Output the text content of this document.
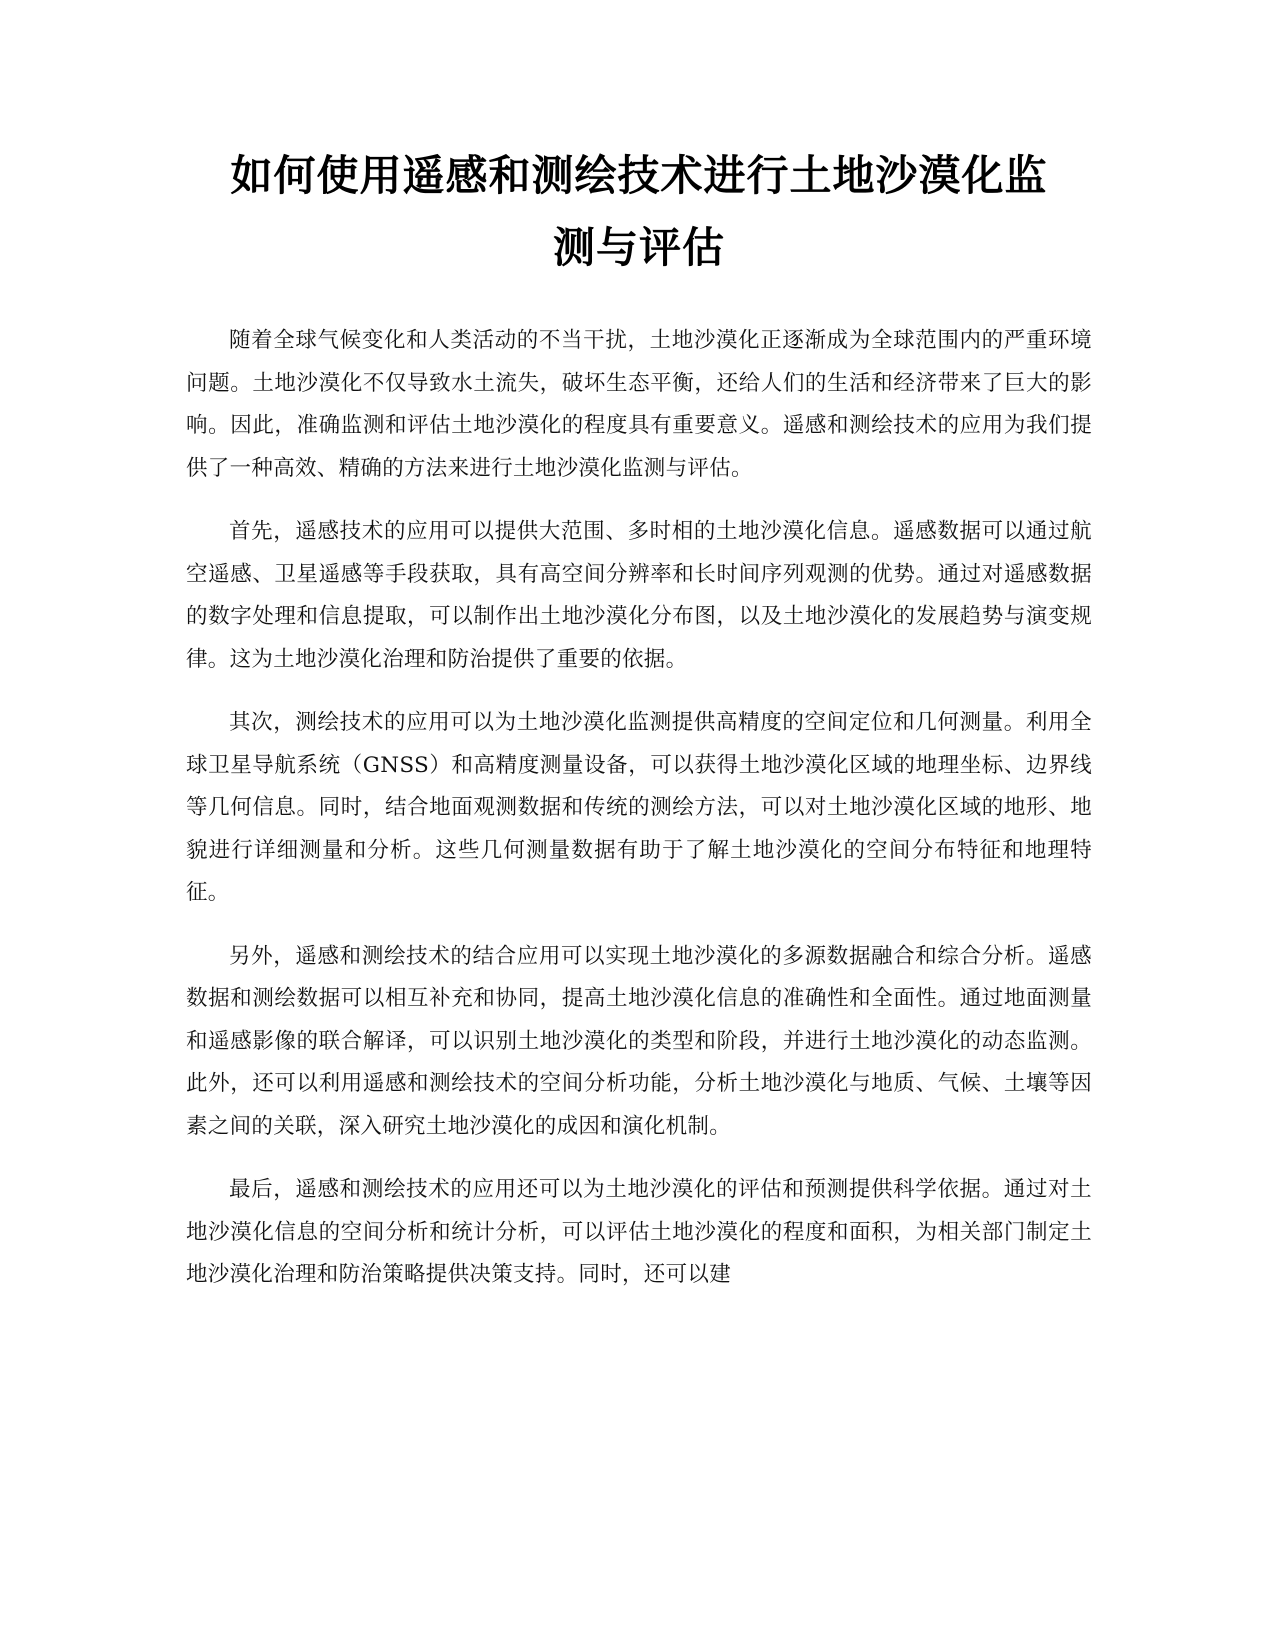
如何使用遥感和测绘技术进行土地沙漠化监
测与评估

随着全球气候变化和人类活动的不当干扰，土地沙漠化正逐渐成为全球范围内的严重环境问题。土地沙漠化不仅导致水土流失，破坏生态平衡，还给人们的生活和经济带来了巨大的影响。因此，准确监测和评估土地沙漠化的程度具有重要意义。遥感和测绘技术的应用为我们提供了一种高效、精确的方法来进行土地沙漠化监测与评估。

首先，遥感技术的应用可以提供大范围、多时相的土地沙漠化信息。遥感数据可以通过航空遥感、卫星遥感等手段获取，具有高空间分辨率和长时间序列观测的优势。通过对遥感数据的数字处理和信息提取，可以制作出土地沙漠化分布图，以及土地沙漠化的发展趋势与演变规律。这为土地沙漠化治理和防治提供了重要的依据。

其次，测绘技术的应用可以为土地沙漠化监测提供高精度的空间定位和几何测量。利用全球卫星导航系统（GNSS）和高精度测量设备，可以获得土地沙漠化区域的地理坐标、边界线等几何信息。同时，结合地面观测数据和传统的测绘方法，可以对土地沙漠化区域的地形、地貌进行详细测量和分析。这些几何测量数据有助于了解土地沙漠化的空间分布特征和地理特征。

另外，遥感和测绘技术的结合应用可以实现土地沙漠化的多源数据融合和综合分析。遥感数据和测绘数据可以相互补充和协同，提高土地沙漠化信息的准确性和全面性。通过地面测量和遥感影像的联合解译，可以识别土地沙漠化的类型和阶段，并进行土地沙漠化的动态监测。此外，还可以利用遥感和测绘技术的空间分析功能，分析土地沙漠化与地质、气候、土壤等因素之间的关联，深入研究土地沙漠化的成因和演化机制。

最后，遥感和测绘技术的应用还可以为土地沙漠化的评估和预测提供科学依据。通过对土地沙漠化信息的空间分析和统计分析，可以评估土地沙漠化的程度和面积，为相关部门制定土地沙漠化治理和防治策略提供决策支持。同时，还可以建
